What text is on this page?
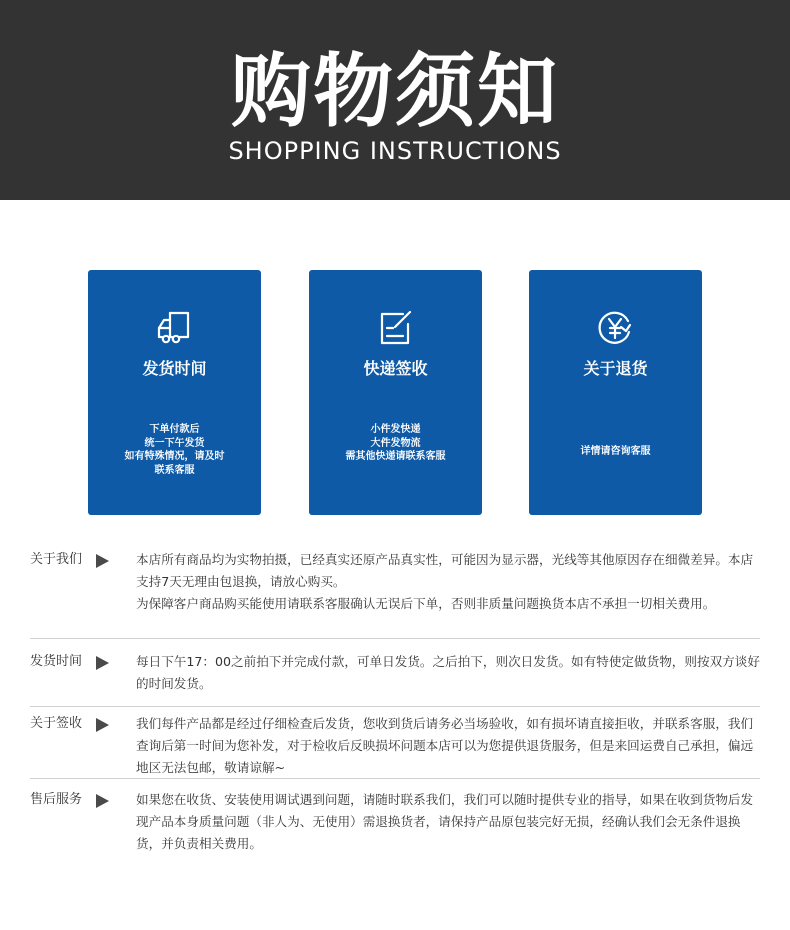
购物须知
SHOPPING INSTRUCTIONS
发货时间
下单付款后
统一下午发货
如有特殊情况，请及时
联系客服
快递签收
小件发快递
大件发物流
需其他快递请联系客服
关于退货
详情请咨询客服
关于我们	本店所有商品均为实物拍摄，已经真实还原产品真实性，可能因为显示器，光线等其他原因存在细微差异。本店支持7天无理由包退换，请放心购买。
为保障客户商品购买能使用请联系客服确认无误后下单，否则非质量问题换货本店不承担一切相关费用。
发货时间	每日下午17：00之前拍下并完成付款，可单日发货。之后拍下，则次日发货。如有特使定做货物，则按双方谈好的时间发货。
关于签收	我们每件产品都是经过仔细检查后发货，您收到货后请务必当场验收，如有损坏请直接拒收，并联系客服，我们查询后第一时间为您补发，对于检收后反映损坏问题本店可以为您提供退货服务，但是来回运费自己承担，偏远地区无法包邮，敬请谅解~
售后服务	如果您在收货、安装使用调试遇到问题，请随时联系我们，我们可以随时提供专业的指导，如果在收到货物后发现产品本身质量问题（非人为、无使用）需退换货者，请保持产品原包装完好无损，经确认我们会无条件退换货，并负责相关费用。
